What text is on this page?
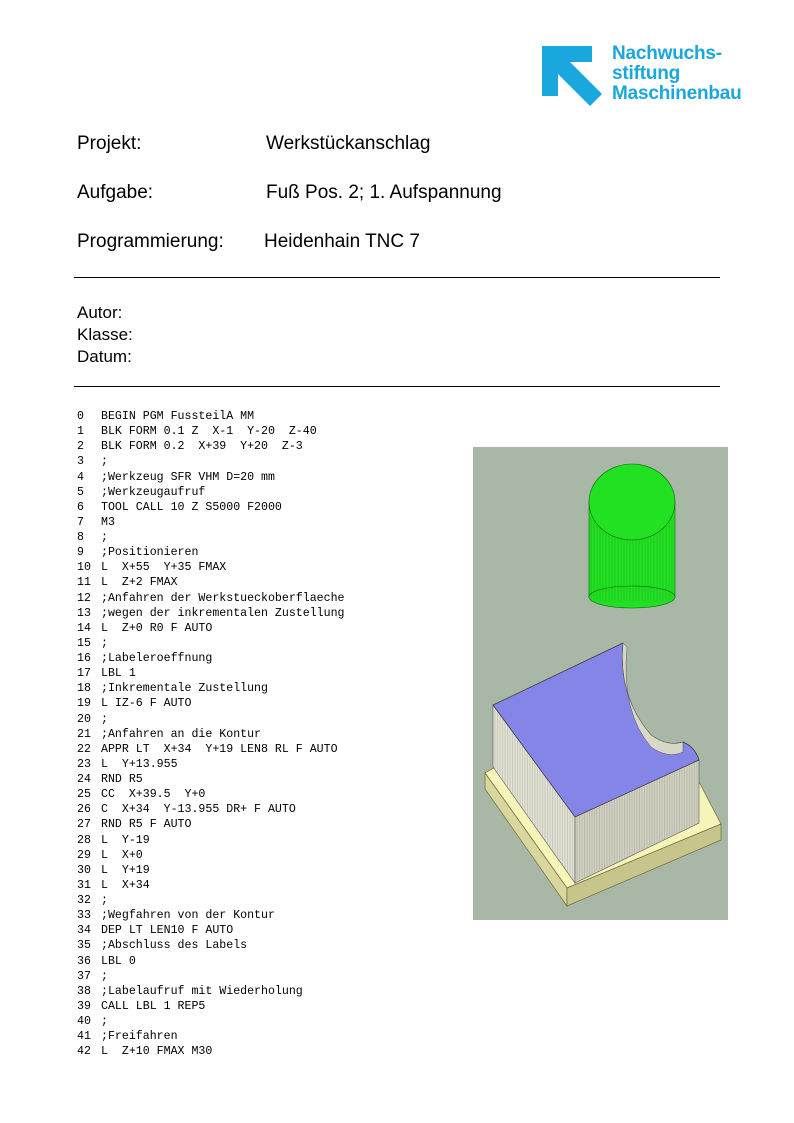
Nachwuchs-
stiftung
Maschinenbau
Projekt:	Werkstückanschlag
Aufgabe:	Fuß Pos. 2; 1. Aufspannung
Programmierung: Heidenhain TNC 7
Autor:
Klasse:
Datum:
0 BEGIN PGM FussteilA MM
1 BLK FORM 0.1 Z  X-1  Y-20  Z-40
2 BLK FORM 0.2  X+39  Y+20  Z-3
3 ;
4 ;Werkzeug SFR VHM D=20 mm
5 ;Werkzeugaufruf
6 TOOL CALL 10 Z S5000 F2000
7 M3
8 ;
9 ;Positionieren
10 L  X+55  Y+35 FMAX
11 L  Z+2 FMAX
12 ;Anfahren der Werkstueckoberflaeche
13 ;wegen der inkrementalen Zustellung
14 L  Z+0 R0 F AUTO
15 ;
16 ;Labeleroeffnung
17 LBL 1
18 ;Inkrementale Zustellung
19 L IZ-6 F AUTO
20 ;
21 ;Anfahren an die Kontur
22 APPR LT  X+34  Y+19 LEN8 RL F AUTO
23 L  Y+13.955
24 RND R5
25 CC  X+39.5  Y+0
26 C  X+34  Y-13.955 DR+ F AUTO
27 RND R5 F AUTO
28 L  Y-19
29 L  X+0
30 L  Y+19
31 L  X+34
32 ;
33 ;Wegfahren von der Kontur
34 DEP LT LEN10 F AUTO
35 ;Abschluss des Labels
36 LBL 0
37 ;
38 ;Labelaufruf mit Wiederholung
39 CALL LBL 1 REP5
40 ;
41 ;Freifahren
42 L  Z+10 FMAX M30
